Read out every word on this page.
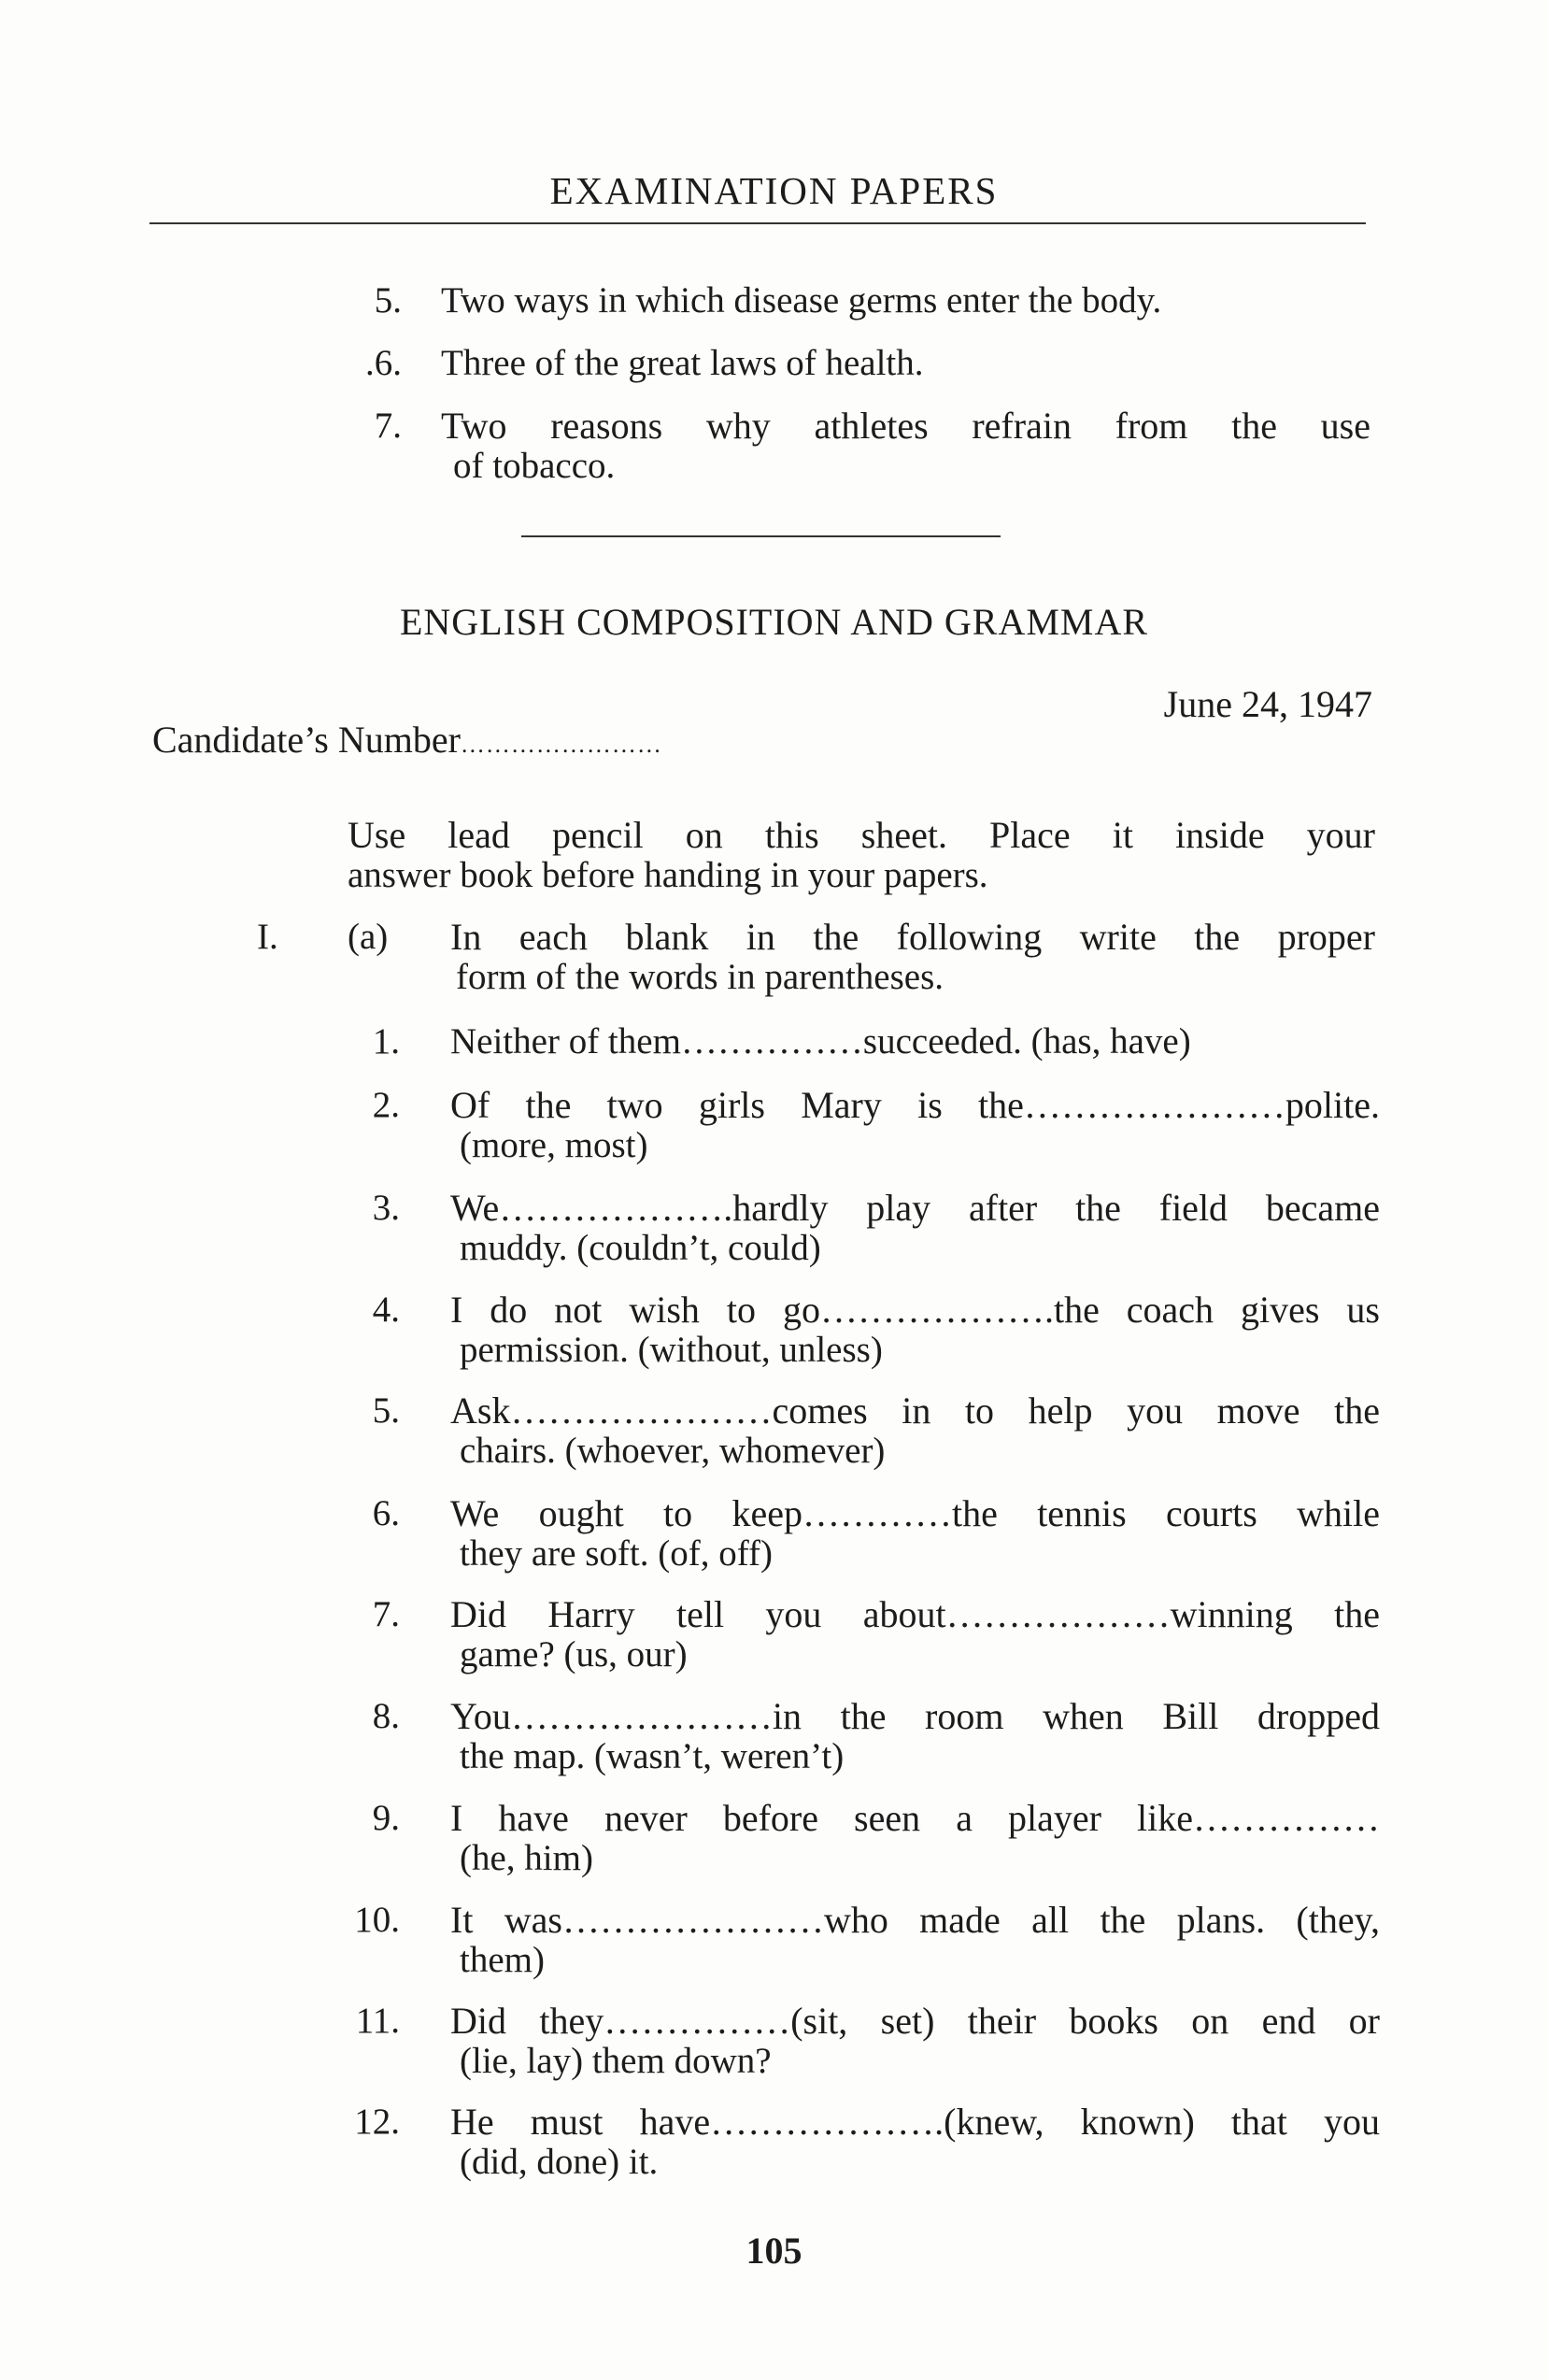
EXAMINATION PAPERS
5. Two ways in which disease germs enter the body.
.6. Three of the great laws of health.
7. Two reasons why athletes refrain from the use
of tobacco.
ENGLISH COMPOSITION AND GRAMMAR
June 24, 1947
Candidate’s Number……………………
Use lead pencil on this sheet. Place it inside your
answer book before handing in your papers.
I. (a) In each blank in the following write the proper
form of the words in parentheses.
1. Neither of them……………succeeded. (has, have)
2. Of the two girls Mary is the…………………polite.
(more, most)
3. We……………….hardly play after the field became
muddy. (couldn’t, could)
4. I do not wish to go……………….the coach gives us
permission. (without, unless)
5. Ask…………………comes in to help you move the
chairs. (whoever, whomever)
6. We ought to keep…………the tennis courts while
they are soft. (of, off)
7. Did Harry tell you about………………winning the
game? (us, our)
8. You…………………in the room when Bill dropped
the map. (wasn’t, weren’t)
9. I have never before seen a player like……………
(he, him)
10. It was…………………who made all the plans. (they,
them)
11. Did they……………(sit, set) their books on end or
(lie, lay) them down?
12. He must have……………….(knew, known) that you
(did, done) it.
105
